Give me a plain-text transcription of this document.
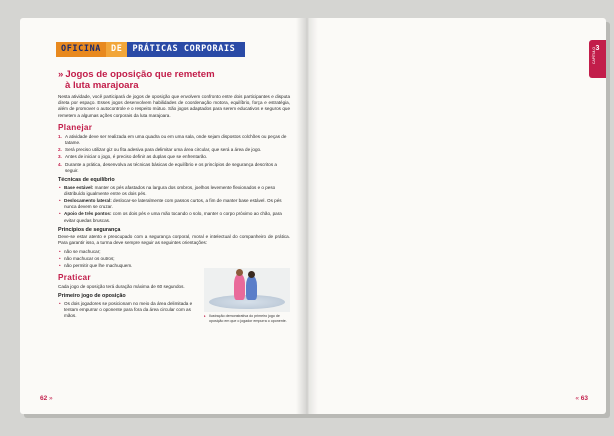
OFICINA	DE	PRÁTICAS CORPORAIS
» Jogos de oposição que remetem
à luta marajoara

Nesta atividade, você participará de jogos de oposição que envolvem confronto entre dois participantes e disputa direta por espaço. Esses jogos desenvolvem habilidades de coordenação motora, equilíbrio, força e estratégia, além de promover o autocontrole e o respeito mútuo. São jogos adaptados para serem educativos e seguros que remetem a algumas ações corporais da luta marajoara.

Planejar
1. A atividade deve ser realizada em uma quadra ou em uma sala, onde sejam dispostos colchões ou peças de tatame.
2. Será preciso utilizar giz ou fita adesiva para delimitar uma área circular, que será a área de jogo.
3. Antes de iniciar o jogo, é preciso definir as duplas que se enfrentarão.
4. Durante a prática, desenvolva as técnicas básicas de equilíbrio e os princípios de segurança descritos a seguir.
Técnicas de equilíbrio
• Base estável: manter os pés afastados na largura dos ombros, joelhos levemente flexionados e o peso distribuído igualmente entre os dois pés.
• Deslocamento lateral: deslocar-se lateralmente com passos curtos, a fim de manter base estável. Os pés nunca devem se cruzar.
• Apoio de três pontos: com os dois pés e uma mão tocando o solo, manter o corpo próximo ao chão, para evitar quedas bruscas.
Princípios de segurança

Deve-se estar atento e preocupado com a segurança corporal, moral e intelectual do companheiro de prática. Para garantir isso, a turma deve sempre seguir as seguintes orientações:

• não se machucar;
• não machucar os outros;
• não permitir que lhe machuquem.
Praticar

Cada jogo de oposição terá duração máxima de 60 segundos.

Primeiro jogo de oposição
• Os dois jogadores se posicionam no meio da área delimitada e tentam empurrar o oponente para fora da área circular com as mãos.
▸	Ilustração demonstrativa do primeiro jogo de oposição em que o jogador empurra o oponente.
62 »
3
CAPÍTULO

« 63
